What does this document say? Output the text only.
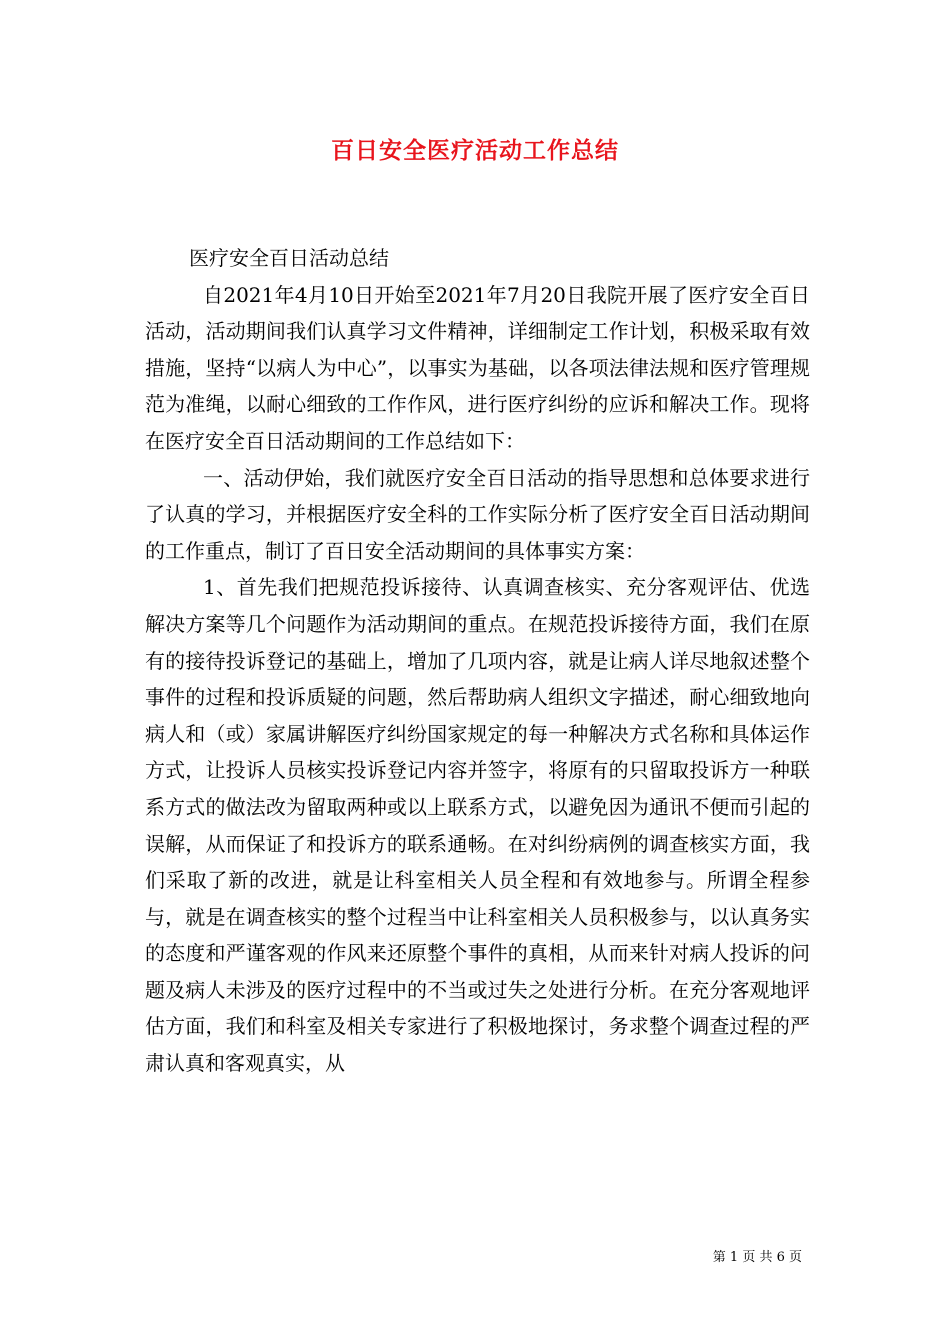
百日安全医疗活动工作总结

医疗安全百日活动总结

自2021年4月10日开始至2021年7月20日我院开展了医疗安全百日活动，活动期间我们认真学习文件精神，详细制定工作计划，积极采取有效措施，坚持“以病人为中心”，以事实为基础，以各项法律法规和医疗管理规范为准绳，以耐心细致的工作作风，进行医疗纠纷的应诉和解决工作。现将在医疗安全百日活动期间的工作总结如下：

一、活动伊始，我们就医疗安全百日活动的指导思想和总体要求进行了认真的学习，并根据医疗安全科的工作实际分析了医疗安全百日活动期间的工作重点，制订了百日安全活动期间的具体事实方案：

1、首先我们把规范投诉接待、认真调查核实、充分客观评估、优选解决方案等几个问题作为活动期间的重点。在规范投诉接待方面，我们在原有的接待投诉登记的基础上，增加了几项内容，就是让病人详尽地叙述整个事件的过程和投诉质疑的问题，然后帮助病人组织文字描述，耐心细致地向病人和（或）家属讲解医疗纠纷国家规定的每一种解决方式名称和具体运作方式，让投诉人员核实投诉登记内容并签字，将原有的只留取投诉方一种联系方式的做法改为留取两种或以上联系方式，以避免因为通讯不便而引起的误解，从而保证了和投诉方的联系通畅。在对纠纷病例的调查核实方面，我们采取了新的改进，就是让科室相关人员全程和有效地参与。所谓全程参与，就是在调查核实的整个过程当中让科室相关人员积极参与，以认真务实的态度和严谨客观的作风来还原整个事件的真相，从而来针对病人投诉的问题及病人未涉及的医疗过程中的不当或过失之处进行分析。在充分客观地评估方面，我们和科室及相关专家进行了积极地探讨，务求整个调查过程的严肃认真和客观真实，从

第 1 页 共 6 页
